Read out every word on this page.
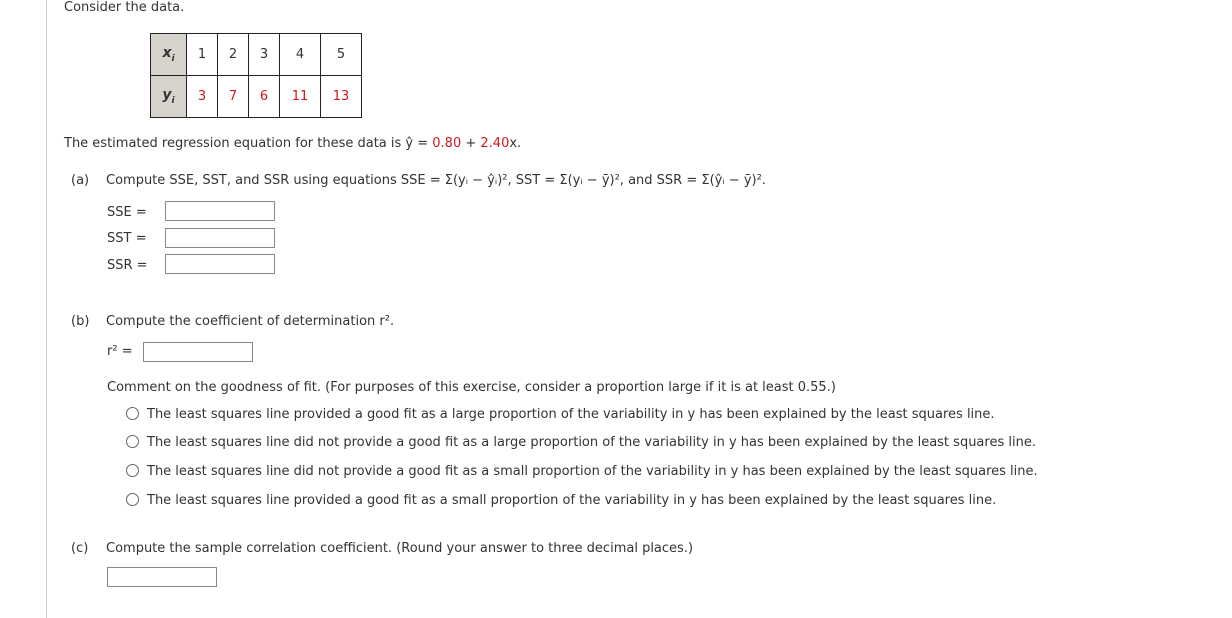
Consider the data.
$x_i$	1	2	3	4	5
$y_i$	3	7	6	11	13
The estimated regression equation for these data is ŷ = 0.80 + 2.40x.
(a) Compute SSE, SST, and SSR using equations SSE = Σ(yᵢ − ŷᵢ)², SST = Σ(yᵢ − ȳ)², and SSR = Σ(ŷᵢ − ȳ)².
SSE =
SST =
SSR =
(b) Compute the coefficient of determination r².
r² =
Comment on the goodness of fit. (For purposes of this exercise, consider a proportion large if it is at least 0.55.)
The least squares line provided a good fit as a large proportion of the variability in y has been explained by the least squares line.
The least squares line did not provide a good fit as a large proportion of the variability in y has been explained by the least squares line.
The least squares line did not provide a good fit as a small proportion of the variability in y has been explained by the least squares line.
The least squares line provided a good fit as a small proportion of the variability in y has been explained by the least squares line.
(c) Compute the sample correlation coefficient. (Round your answer to three decimal places.)
